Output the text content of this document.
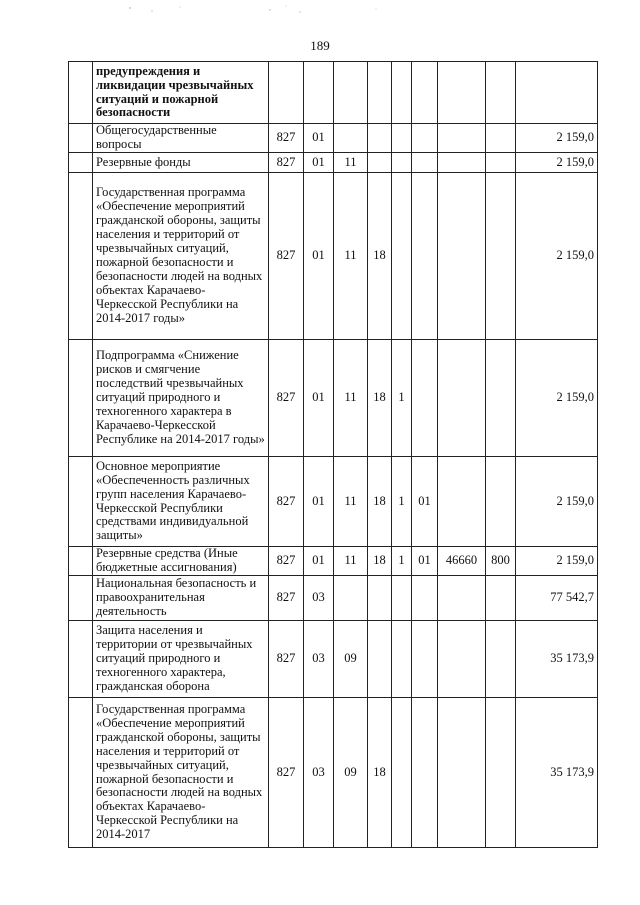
189
	предупреждения и ликвидации чрезвычайных ситуаций и пожарной безопасности									
	Общегосударственные вопросы	827	01							2 159,0
	Резервные фонды	827	01	11						2 159,0
	Государственная программа «Обеспечение мероприятий гражданской обороны, защиты населения и территорий от чрезвычайных ситуаций, пожарной безопасности и безопасности людей на водных объектах Карачаево-Черкесской Республики на 2014-2017 годы»	827	01	11	18					2 159,0
	Подпрограмма «Снижение рисков и смягчение последствий чрезвычайных ситуаций природного и техногенного характера в Карачаево-Черкесской Республике на 2014-2017 годы»	827	01	11	18	1				2 159,0
	Основное мероприятие «Обеспеченность различных групп населения Карачаево-Черкесской Республики средствами индивидуальной защиты»	827	01	11	18	1	01			2 159,0
	Резервные средства (Иные бюджетные ассигнования)	827	01	11	18	1	01	46660	800	2 159,0
	Национальная безопасность и правоохранительная деятельность	827	03							77 542,7
	Защита населения и территории от чрезвычайных ситуаций природного и техногенного характера, гражданская оборона	827	03	09						35 173,9
	Государственная программа «Обеспечение мероприятий гражданской обороны, защиты населения и территорий от чрезвычайных ситуаций, пожарной безопасности и безопасности людей на водных объектах Карачаево-Черкесской Республики на 2014-2017	827	03	09	18					35 173,9
